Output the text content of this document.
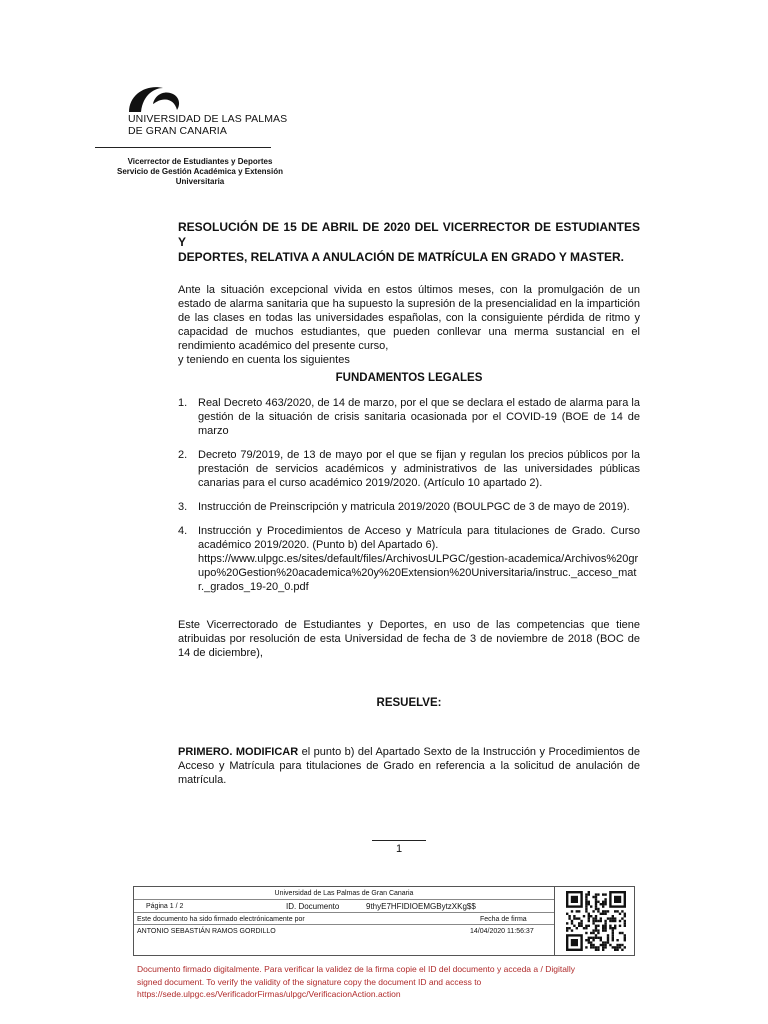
UNIVERSIDAD DE LAS PALMAS
DE GRAN CANARIA
Vicerrector de Estudiantes y Deportes
Servicio de Gestión Académica y Extensión
Universitaria
RESOLUCIÓN DE 15 DE ABRIL DE 2020 DEL VICERRECTOR DE ESTUDIANTES Y
DEPORTES, RELATIVA A ANULACIÓN DE MATRÍCULA EN GRADO Y MASTER.
Ante la situación excepcional vivida en estos últimos meses, con la promulgación de un estado de alarma sanitaria que ha supuesto la supresión de la presencialidad en la impartición de las clases en todas las universidades españolas, con la consiguiente pérdida de ritmo y capacidad de muchos estudiantes, que pueden conllevar una merma sustancial en el rendimiento académico del presente curso,
y teniendo en cuenta los siguientes
FUNDAMENTOS LEGALES
1. Real Decreto 463/2020, de 14 de marzo, por el que se declara el estado de alarma para la gestión de la situación de crisis sanitaria ocasionada por el COVID-19 (BOE de 14 de marzo
2. Decreto 79/2019, de 13 de mayo por el que se fijan y regulan los precios públicos por la prestación de servicios académicos y administrativos de las universidades públicas canarias para el curso académico 2019/2020. (Artículo 10 apartado 2).
3. Instrucción de Preinscripción y matricula 2019/2020 (BOULPGC de 3 de mayo de 2019).
4. Instrucción y Procedimientos de Acceso y Matrícula para titulaciones de Grado. Curso académico 2019/2020. (Punto b) del Apartado 6).
https://www.ulpgc.es/sites/default/files/ArchivosULPGC/gestion-academica/Archivos%20grupo%20Gestion%20academica%20y%20Extension%20Universitaria/instruc._acceso_matr._grados_19-20_0.pdf
Este Vicerrectorado de Estudiantes y Deportes, en uso de las competencias que tiene atribuidas por resolución de esta Universidad de fecha de 3 de noviembre de 2018 (BOC de 14 de diciembre),
RESUELVE:
PRIMERO. MODIFICAR el punto b) del Apartado Sexto de la Instrucción y Procedimientos de Acceso y Matrícula para titulaciones de Grado en referencia a la solicitud de anulación de matrícula.
1
Universidad de Las Palmas de Gran Canaria
Página 1 / 2	ID. Documento	9thyE7HFIDIOEMGBytzXKg$$
Este documento ha sido firmado electrónicamente por	Fecha de firma
ANTONIO SEBASTIÁN RAMOS GORDILLO	14/04/2020 11:56:37
Documento firmado digitalmente. Para verificar la validez de la firma copie el ID del documento y acceda a / Digitally
signed document. To verify the validity of the signature copy the document ID and access to
https://sede.ulpgc.es/VerificadorFirmas/ulpgc/VerificacionAction.action
